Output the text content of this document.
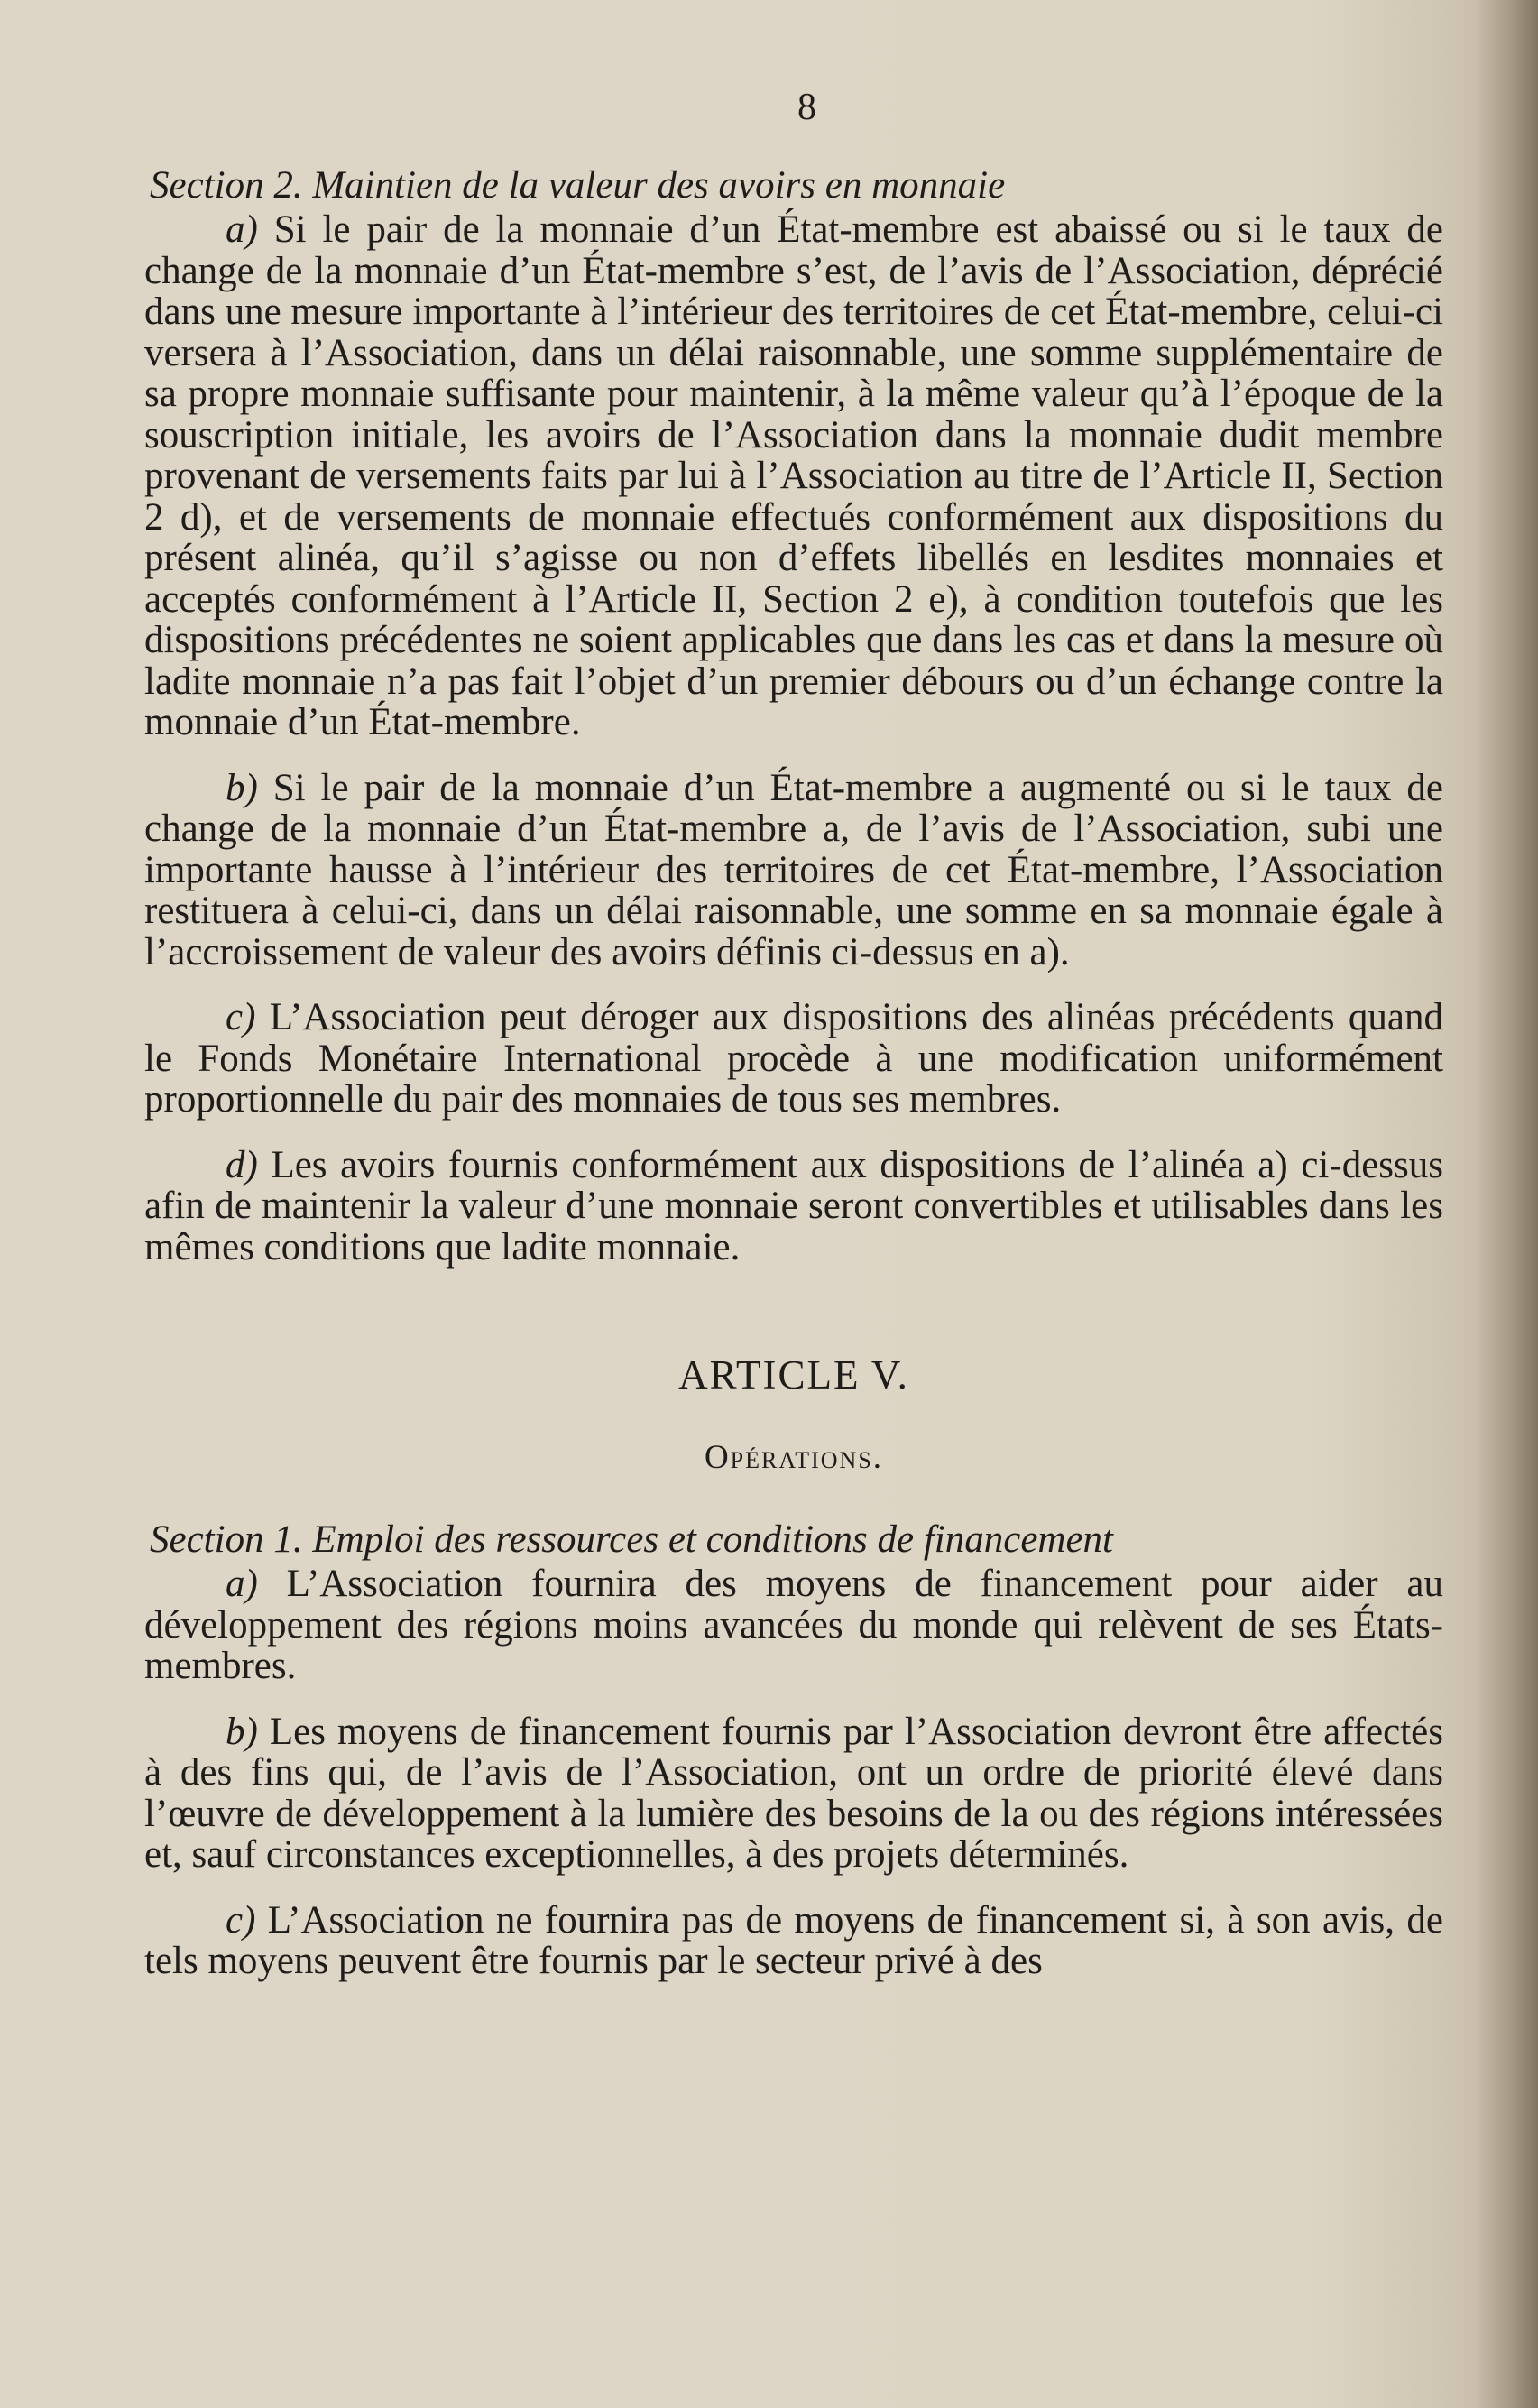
8
Section 2. Maintien de la valeur des avoirs en monnaie

a) Si le pair de la monnaie d’un État-membre est abaissé ou si le taux de change de la monnaie d’un État-membre s’est, de l’avis de l’Association, déprécié dans une mesure importante à l’intérieur des territoires de cet État-membre, celui-ci versera à l’Association, dans un délai raisonnable, une somme supplémentaire de sa propre monnaie suffisante pour maintenir, à la même valeur qu’à l’époque de la souscription initiale, les avoirs de l’Association dans la monnaie dudit membre provenant de versements faits par lui à l’Association au titre de l’Article II, Section 2 d), et de versements de monnaie effectués conformément aux dispositions du présent alinéa, qu’il s’agisse ou non d’effets libellés en lesdites monnaies et acceptés conformément à l’Article II, Section 2 e), à condition toutefois que les dispositions précédentes ne soient applicables que dans les cas et dans la mesure où ladite monnaie n’a pas fait l’objet d’un premier débours ou d’un échange contre la monnaie d’un État-membre.

b) Si le pair de la monnaie d’un État-membre a augmenté ou si le taux de change de la monnaie d’un État-membre a, de l’avis de l’Association, subi une importante hausse à l’intérieur des territoires de cet État-membre, l’Association restituera à celui-ci, dans un délai raisonnable, une somme en sa monnaie égale à l’accroissement de valeur des avoirs définis ci-dessus en a).

c) L’Association peut déroger aux dispositions des alinéas précédents quand le Fonds Monétaire International procède à une modification uniformément proportionnelle du pair des monnaies de tous ses membres.

d) Les avoirs fournis conformément aux dispositions de l’alinéa a) ci-dessus afin de maintenir la valeur d’une monnaie seront convertibles et utilisables dans les mêmes conditions que ladite monnaie.

ARTICLE V.
Opérations.
Section 1. Emploi des ressources et conditions de financement

a) L’Association fournira des moyens de financement pour aider au développement des régions moins avancées du monde qui relèvent de ses États-membres.

b) Les moyens de financement fournis par l’Association devront être affectés à des fins qui, de l’avis de l’Association, ont un ordre de priorité élevé dans l’œuvre de développement à la lumière des besoins de la ou des régions intéressées et, sauf circonstances exceptionnelles, à des projets déterminés.

c) L’Association ne fournira pas de moyens de financement si, à son avis, de tels moyens peuvent être fournis par le secteur privé à des
